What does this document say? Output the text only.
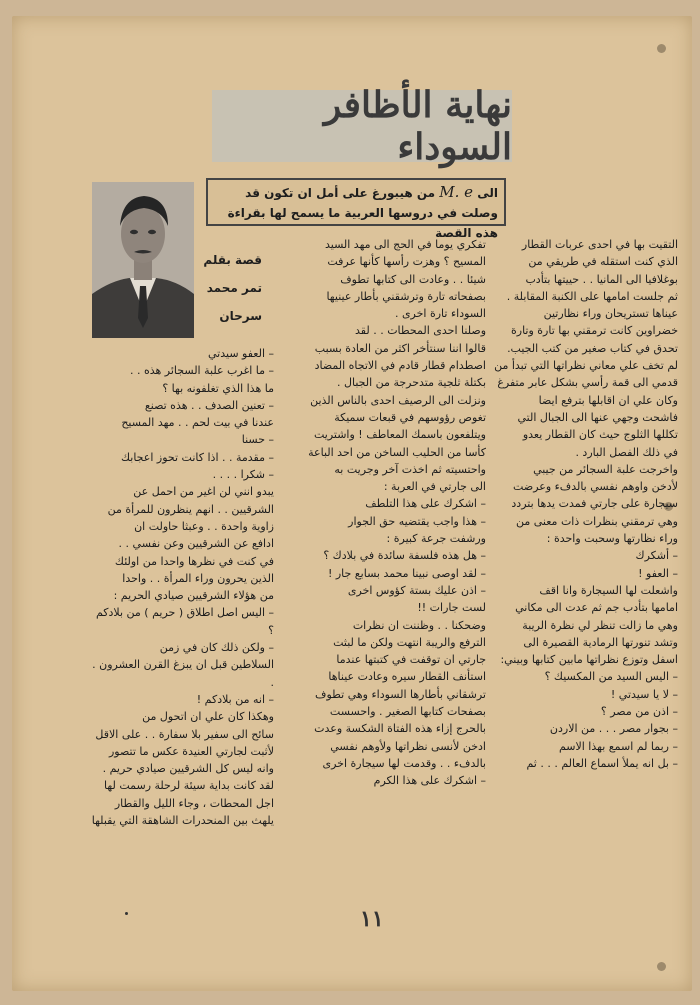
نهاية الأظافر السوداء
الى M. e من هيبورغ على أمل ان تكون قد
وصلت في دروسها العربية ما يسمح لها بقراءة هذه القصة
قصة بقلم
تمر محمد
سرحان

التقيت بها في احدى عربات القطار

الذي كنت استقله في طريقي من

بوغلافيا الى المانيا . . حييتها بتأدب

ثم جلست امامها على الكنبة المقابلة .

عيناها تستريحان وراء نظارتين

خضراوين كانت ترمقني بها تارة وتارة

تحدق في كتاب صغير من كتب الجيب.

لم تخف علي معاني نظراتها التي تبدأ من

قدمي الى قمة رأسي بشكل عابر متفرغ

وكان علي ان اقابلها بترفع ايضا

فاشحت وجهي عنها الى الجبال التي

تكللها الثلوج حيث كان القطار يعدو

في ذلك الفصل البارد .

واخرجت علبة السجائر من جيبي

لأدخن واوهم نفسي بالدفء وعرضت

سيجارة على جارتي فمدت يدها بتردد

وهي ترمقني بنظرات ذات معنى من

وراء نظارتها وسحبت واحدة :

– أشكرك

– العفو !

واشعلت لها السيجارة وانا اقف

امامها بتأدب جم ثم عدت الى مكاني

وهي ما زالت تنظر لي نظرة الريبة

وتشد تنورتها الرمادية القصيرة الى

اسفل وتوزع نظراتها مابين كتابها وبيني:

– اليس السيد من المكسيك ؟

– لا يا سيدتي !

– اذن من مصر ؟

– بجوار مصر . . . من الاردن

– ربما لم اسمع بهذا الاسم

– بل انه يملأ اسماع العالم . . . ثم

تفكري يوما في الحج الى مهد السيد

المسيح ؟ وهزت رأسها كأنها عرفت

شيئا . . وعادت الى كتابها تطوف

بصفحاته تارة وترشقني بأطار عينيها

السوداء تارة اخرى .

وصلنا احدى المحطات . . لقد

قالوا اننا سنتأخر اكثر من العادة بسبب

اصطدام قطار قادم في الاتجاه المضاد

بكتلة ثلجية متدحرجة من الجبال .

ونزلت الى الرصيف احدى بالناس الذين

تغوص رؤوسهم في قبعات سميكة

ويتلفعون باسمك المعاطف ! واشتريت

كأسا من الحليب الساخن من احد الباعة

واحتسيته ثم اخذت آخر وجريت به

الى جارتي في العربة :

– اشكرك على هذا التلطف

– هذا واجب يقتضيه حق الجوار

ورشفت جرعة كبيرة :

– هل هذه فلسفة سائدة في بلادك ؟

– لقد اوصى نبينا محمد بسابع جار !

– اذن عليك بستة كؤوس اخرى

لست جارات !!

وضحكنا . . وظننت ان نظرات

الترفع والريبة انتهت ولكن ما لبثت

جارتي ان توقفت في كتبتها عندما

استأنف القطار سيره وعادت عيناها

ترشقاني بأطارها السوداء وهي تطوف

بصفحات كتابها الصغير . واحسست

بالحرج إزاء هذه الفتاة الشكسة وعدت

ادخن لأنسى نظراتها ولأوهم نفسي

بالدفء . . وقدمت لها سيجارة اخرى

– اشكرك على هذا الكرم

– العفو سيدتي

– ما اغرب علبة السجائر هذه . .

ما هذا الذي تغلفونه بها ؟

– تعنين الصدف . . هذه تصنع

عندنا في بيت لحم . . مهد المسيح

– حسنا

– مقدمة . . اذا كانت تحوز اعجابك

– شكرا . . . .

يبدو انني لن اغير من احمل عن

الشرقيين . . انهم ينظرون للمرأة من

زاوية واحدة . . وعبثا حاولت ان

ادافع عن الشرقيين وعن نفسي . .

في كنت في نظرها واحدا من اولئك

الذين يحرون وراء المرأة . . واحدا

من هؤلاء الشرقيين صيادي الحريم :

– اليس اصل اطلاق ( حريم ) من بلادكم ؟

– ولكن ذلك كان في زمن

السلاطين قبل ان يبزغ القرن العشرون . .

– انه من بلادكم !

وهكذا كان علي ان اتحول من

سائح الى سفير بلا سفارة . . على الاقل

لأثبت لجارتي العنيدة عكس ما تتصور

وانه ليس كل الشرقيين صيادي حريم .

لقد كانت بداية سيئة لرحلة رسمت لها

اجل المحطات ، وجاء الليل والقطار

يلهث بين المنحدرات الشاهقة التي يقبلها

١١
